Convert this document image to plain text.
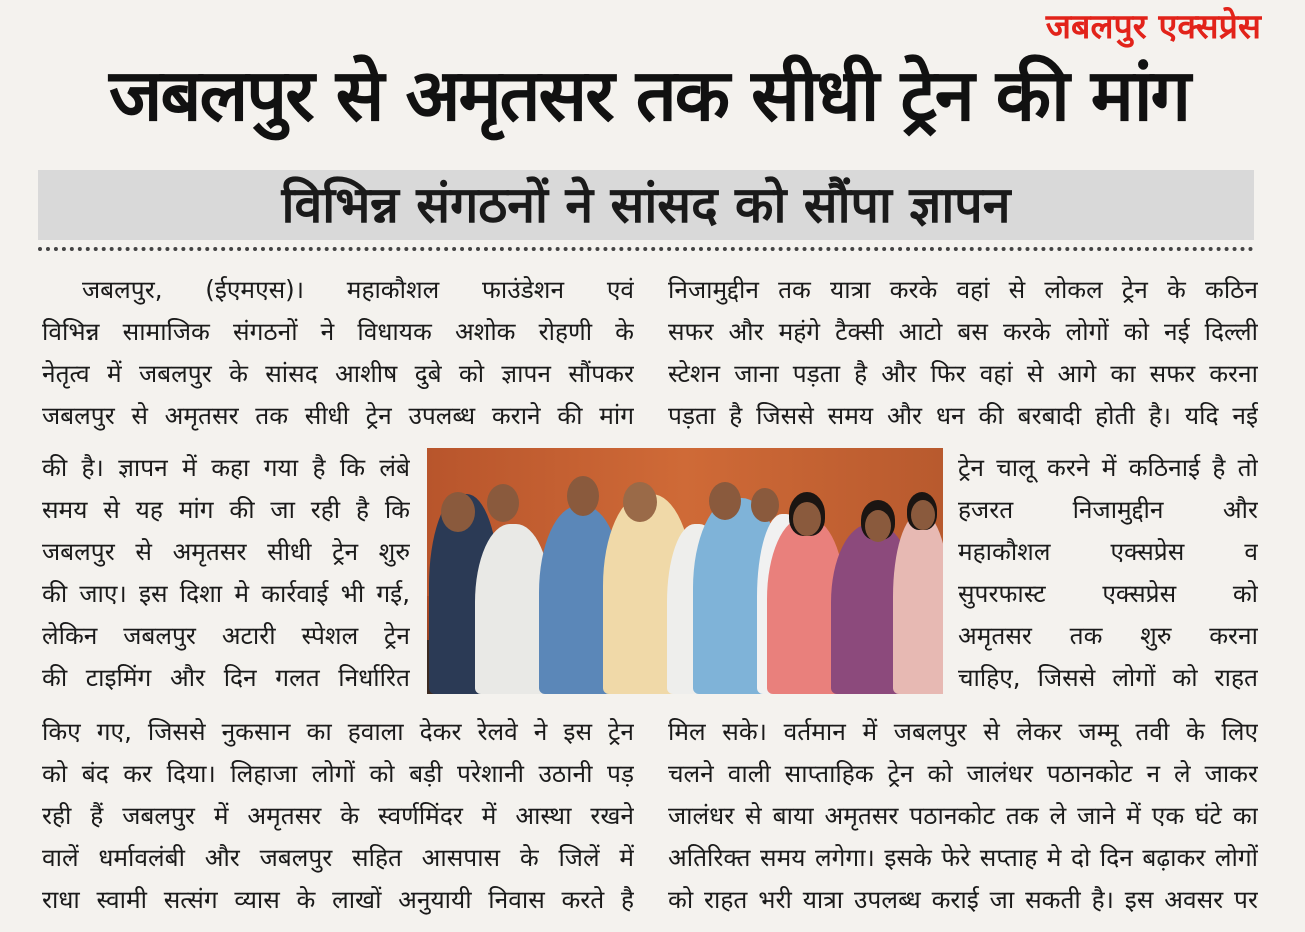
जबलपुर एक्सप्रेस
जबलपुर से अमृतसर तक सीधी ट्रेन की मांग
विभिन्न संगठनों ने सांसद को सौंपा ज्ञापन
जबलपुर, (ईएमएस)। महाकौशल फाउंडेशन एवं
विभिन्न सामाजिक संगठनों ने विधायक अशोक रोहणी के
नेतृत्व में जबलपुर के सांसद आशीष दुबे को ज्ञापन सौंपकर
जबलपुर से अमृतसर तक सीधी ट्रेन उपलब्ध कराने की मांग
की है। ज्ञापन में कहा गया है कि लंबे
समय से यह मांग की जा रही है कि
जबलपुर से अमृतसर सीधी ट्रेन शुरु
की जाए। इस दिशा मे कार्रवाई भी गई,
लेकिन जबलपुर अटारी स्पेशल ट्रेन
की टाइमिंग और दिन गलत निर्धारित
किए गए, जिससे नुकसान का हवाला देकर रेलवे ने इस ट्रेन
को बंद कर दिया। लिहाजा लोगों को बड़ी परेशानी उठानी पड़
रही हैं जबलपुर में अमृतसर के स्वर्णमिंदर में आस्था रखने
वालें धर्मावलंबी और जबलपुर सहित आसपास के जिलें में
राधा स्वामी सत्संग व्यास के लाखों अनुयायी निवास करते है
निजामुद्दीन तक यात्रा करके वहां से लोकल ट्रेन के कठिन
सफर और महंगे टैक्सी आटो बस करके लोगों को नई दिल्ली
स्टेशन जाना पड़ता है और फिर वहां से आगे का सफर करना
पड़ता है जिससे समय और धन की बरबादी होती है। यदि नई
ट्रेन चालू करने में कठिनाई है तो
हजरत निजामुद्दीन और
महाकौशल एक्सप्रेस व
सुपरफास्ट एक्सप्रेस को
अमृतसर तक शुरु करना
चाहिए, जिससे लोगों को राहत
मिल सके। वर्तमान में जबलपुर से लेकर जम्मू तवी के लिए
चलने वाली साप्ताहिक ट्रेन को जालंधर पठानकोट न ले जाकर
जालंधर से बाया अमृतसर पठानकोट तक ले जाने में एक घंटे का
अतिरिक्त समय लगेगा। इसके फेरे सप्ताह मे दो दिन बढ़ाकर लोगों
को राहत भरी यात्रा उपलब्ध कराई जा सकती है। इस अवसर पर
